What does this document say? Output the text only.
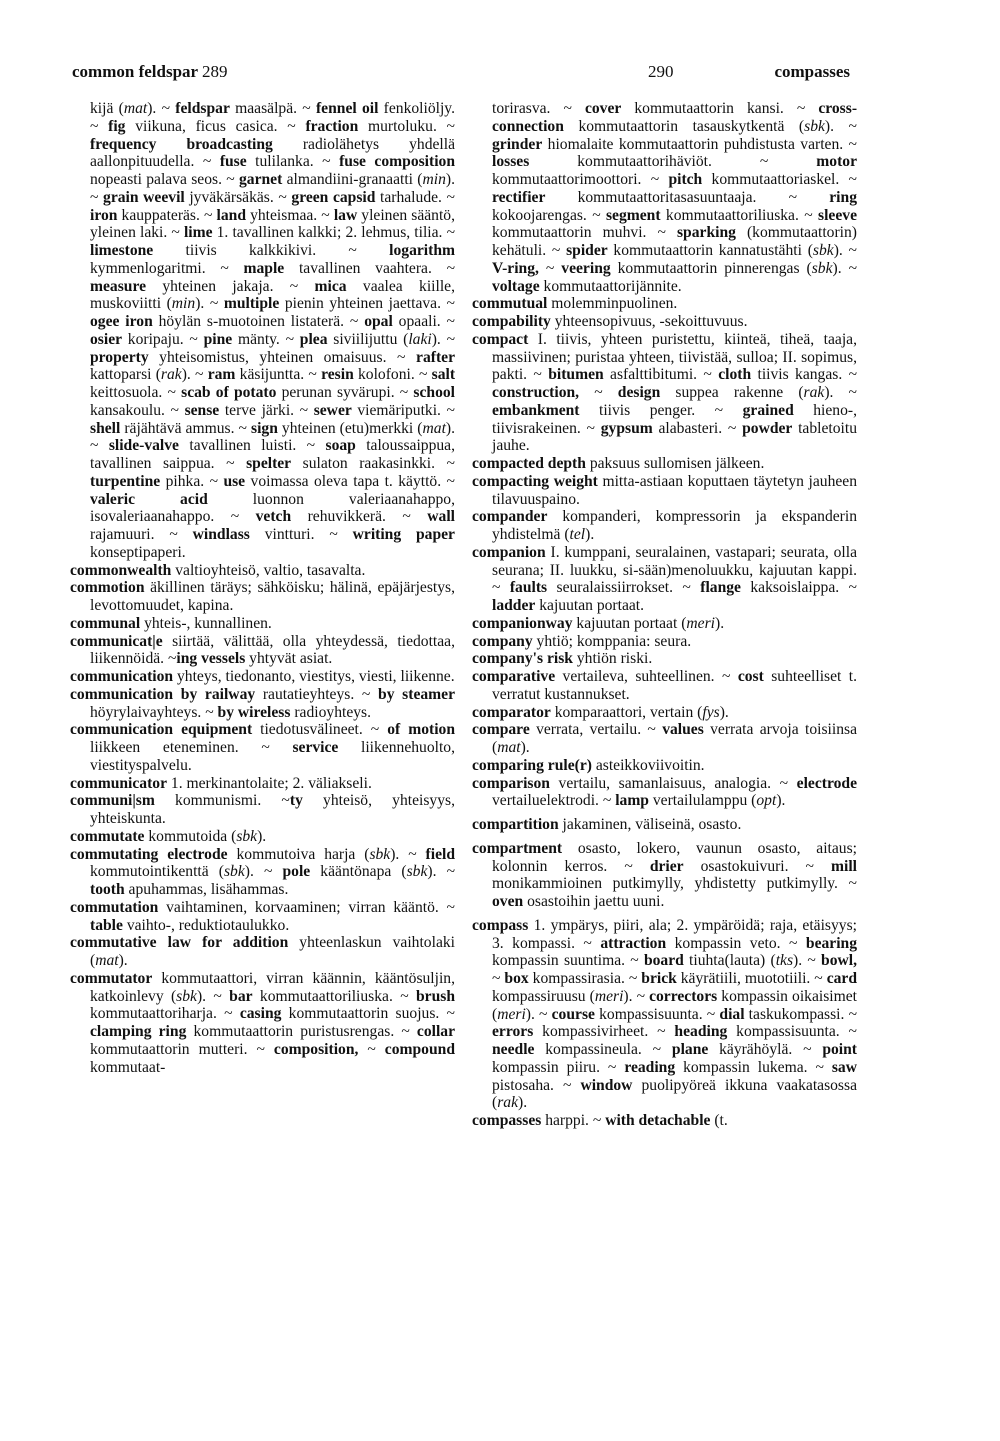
common feldspar 289	290	compasses

kijä (mat). ~ feldspar maasälpä. ~ fennel oil fenkoliöljy. ~ fig viikuna, ficus casica. ~ fraction murtoluku. ~ frequency broadcasting radiolähetys yhdellä aallonpituudella. ~ fuse tulilanka. ~ fuse composition nopeasti palava seos. ~ garnet almandiini-granaatti (min). ~ grain weevil jyväkärsäkäs. ~ green capsid tarhalude. ~ iron kauppateräs. ~ land yhteismaa. ~ law yleinen sääntö, yleinen laki. ~ lime 1. tavallinen kalkki; 2. lehmus, tilia. ~ limestone tiivis kalkkikivi. ~ logarithm kymmenlogaritmi. ~ maple tavallinen vaahtera. ~ measure yhteinen jakaja. ~ mica vaalea kiille, muskoviitti (min). ~ multiple pienin yhteinen jaettava. ~ ogee iron höylän s-muotoinen listaterä. ~ opal opaali. ~ osier koripaju. ~ pine mänty. ~ plea siviilijuttu (laki). ~ property yhteisomistus, yhteinen omaisuus. ~ rafter kattoparsi (rak). ~ ram käsijuntta. ~ resin kolofoni. ~ salt keittosuola. ~ scab of potato perunan syvärupi. ~ school kansakoulu. ~ sense terve järki. ~ sewer viemäriputki. ~ shell räjähtävä ammus. ~ sign yhteinen (etu)merkki (mat). ~ slide-valve tavallinen luisti. ~ soap taloussaippua, tavallinen saippua. ~ spelter sulaton raakasinkki. ~ turpentine pihka. ~ use voimassa oleva tapa t. käyttö. ~ valeric acid luonnon valeriaanahappo, isovaleriaanahappo. ~ vetch rehuvikkerä. ~ wall rajamuuri. ~ windlass vintturi. ~ writing paper konseptipaperi.

commonwealth valtioyhteisö, valtio, tasavalta.

commotion äkillinen täräys; sähköisku; hälinä, epäjärjestys, levottomuudet, kapina.

communal yhteis-, kunnallinen.

communicat|e siirtää, välittää, olla yhteydessä, tiedottaa, liikennöidä. ~ing vessels yhtyvät asiat.

communication yhteys, tiedonanto, viestitys, viesti, liikenne.

communication by railway rautatieyhteys. ~ by steamer höyrylaivayhteys. ~ by wireless radioyhteys.

communication equipment tiedotusvälineet. ~ of motion liikkeen eteneminen. ~ service liikennehuolto, viestityspalvelu.

communicator 1. merkinantolaite; 2. väliakseli.

communi|sm kommunismi. ~ty yhteisö, yhteisyys, yhteiskunta.

commutate kommutoida (sbk).

commutating electrode kommutoiva harja (sbk). ~ field kommutointikenttä (sbk). ~ pole kääntönapa (sbk). ~ tooth apuhammas, lisähammas.

commutation vaihtaminen, korvaaminen; virran kääntö. ~ table vaihto-, reduktiotaulukko.

commutative law for addition yhteenlaskun vaihtolaki (mat).

commutator kommutaattori, virran käännin, kääntösuljin, katkoinlevy (sbk). ~ bar kommutaattoriliuska. ~ brush kommutaattoriharja. ~ casing kommutaattorin suojus. ~ clamping ring kommutaattorin puristusrengas. ~ collar kommutaattorin mutteri. ~ composition, ~ compound kommutaat-

torirasva. ~ cover kommutaattorin kansi. ~ cross-connection kommutaattorin tasauskytkentä (sbk). ~ grinder hiomalaite kommutaattorin puhdistusta varten. ~ losses kommutaattorihäviöt. ~ motor kommutaattorimoottori. ~ pitch kommutaattoriaskel. ~ rectifier kommutaattoritasasuuntaaja. ~ ring kokoojarengas. ~ segment kommutaattoriliuska. ~ sleeve kommutaattorin muhvi. ~ sparking (kommutaattorin) kehätuli. ~ spider kommutaattorin kannatustähti (sbk). ~ V-ring, ~ veering kommutaattorin pinnerengas (sbk). ~ voltage kommutaattorijännite.

commutual molemminpuolinen.

compability yhteensopivuus, -sekoittuvuus.

compact I. tiivis, yhteen puristettu, kiinteä, tiheä, taaja, massiivinen; puristaa yhteen, tiivistää, sulloa; II. sopimus, pakti. ~ bitumen asfalttibitumi. ~ cloth tiivis kangas. ~ construction, ~ design suppea rakenne (rak). ~ embankment tiivis penger. ~ grained hieno-, tiivisrakeinen. ~ gypsum alabasteri. ~ powder tabletoitu jauhe.

compacted depth paksuus sullomisen jälkeen.

compacting weight mitta-astiaan koputtaen täytetyn jauheen tilavuuspaino.

compander kompanderi, kompressorin ja ekspanderin yhdistelmä (tel).

companion I. kumppani, seuralainen, vastapari; seurata, olla seurana; II. luukku, si-sään)menoluukku, kajuutan kappi. ~ faults seuralaissiirrokset. ~ flange kaksoislaippa. ~ ladder kajuutan portaat.

companionway kajuutan portaat (meri).

company yhtiö; komppania: seura.

company's risk yhtiön riski.

comparative vertaileva, suhteellinen. ~ cost suhteelliset t. verratut kustannukset.

comparator komparaattori, vertain (fys).

compare verrata, vertailu. ~ values verrata arvoja toisiinsa (mat).

comparing rule(r) asteikkoviivoitin.

comparison vertailu, samanlaisuus, analogia. ~ electrode vertailuelektrodi. ~ lamp vertailulamppu (opt).

compartition jakaminen, väliseinä, osasto.

compartment osasto, lokero, vaunun osasto, aitaus; kolonnin kerros. ~ drier osastokuivuri. ~ mill monikammioinen putkimylly, yhdistetty putkimylly. ~ oven osastoihin jaettu uuni.

compass 1. ympärys, piiri, ala; 2. ympäröidä; raja, etäisyys; 3. kompassi. ~ attraction kompassin veto. ~ bearing kompassin suuntima. ~ board tiuhta(lauta) (tks). ~ bowl, ~ box kompassirasia. ~ brick käyrätiili, muototiili. ~ card kompassiruusu (meri). ~ correctors kompassin oikaisimet (meri). ~ course kompassisuunta. ~ dial taskukompassi. ~ errors kompassivirheet. ~ heading kompassisuunta. ~ needle kompassineula. ~ plane käyrähöylä. ~ point kompassin piiru. ~ reading kompassin lukema. ~ saw pistosaha. ~ window puolipyöreä ikkuna vaakatasossa (rak).

compasses harppi. ~ with detachable (t.
